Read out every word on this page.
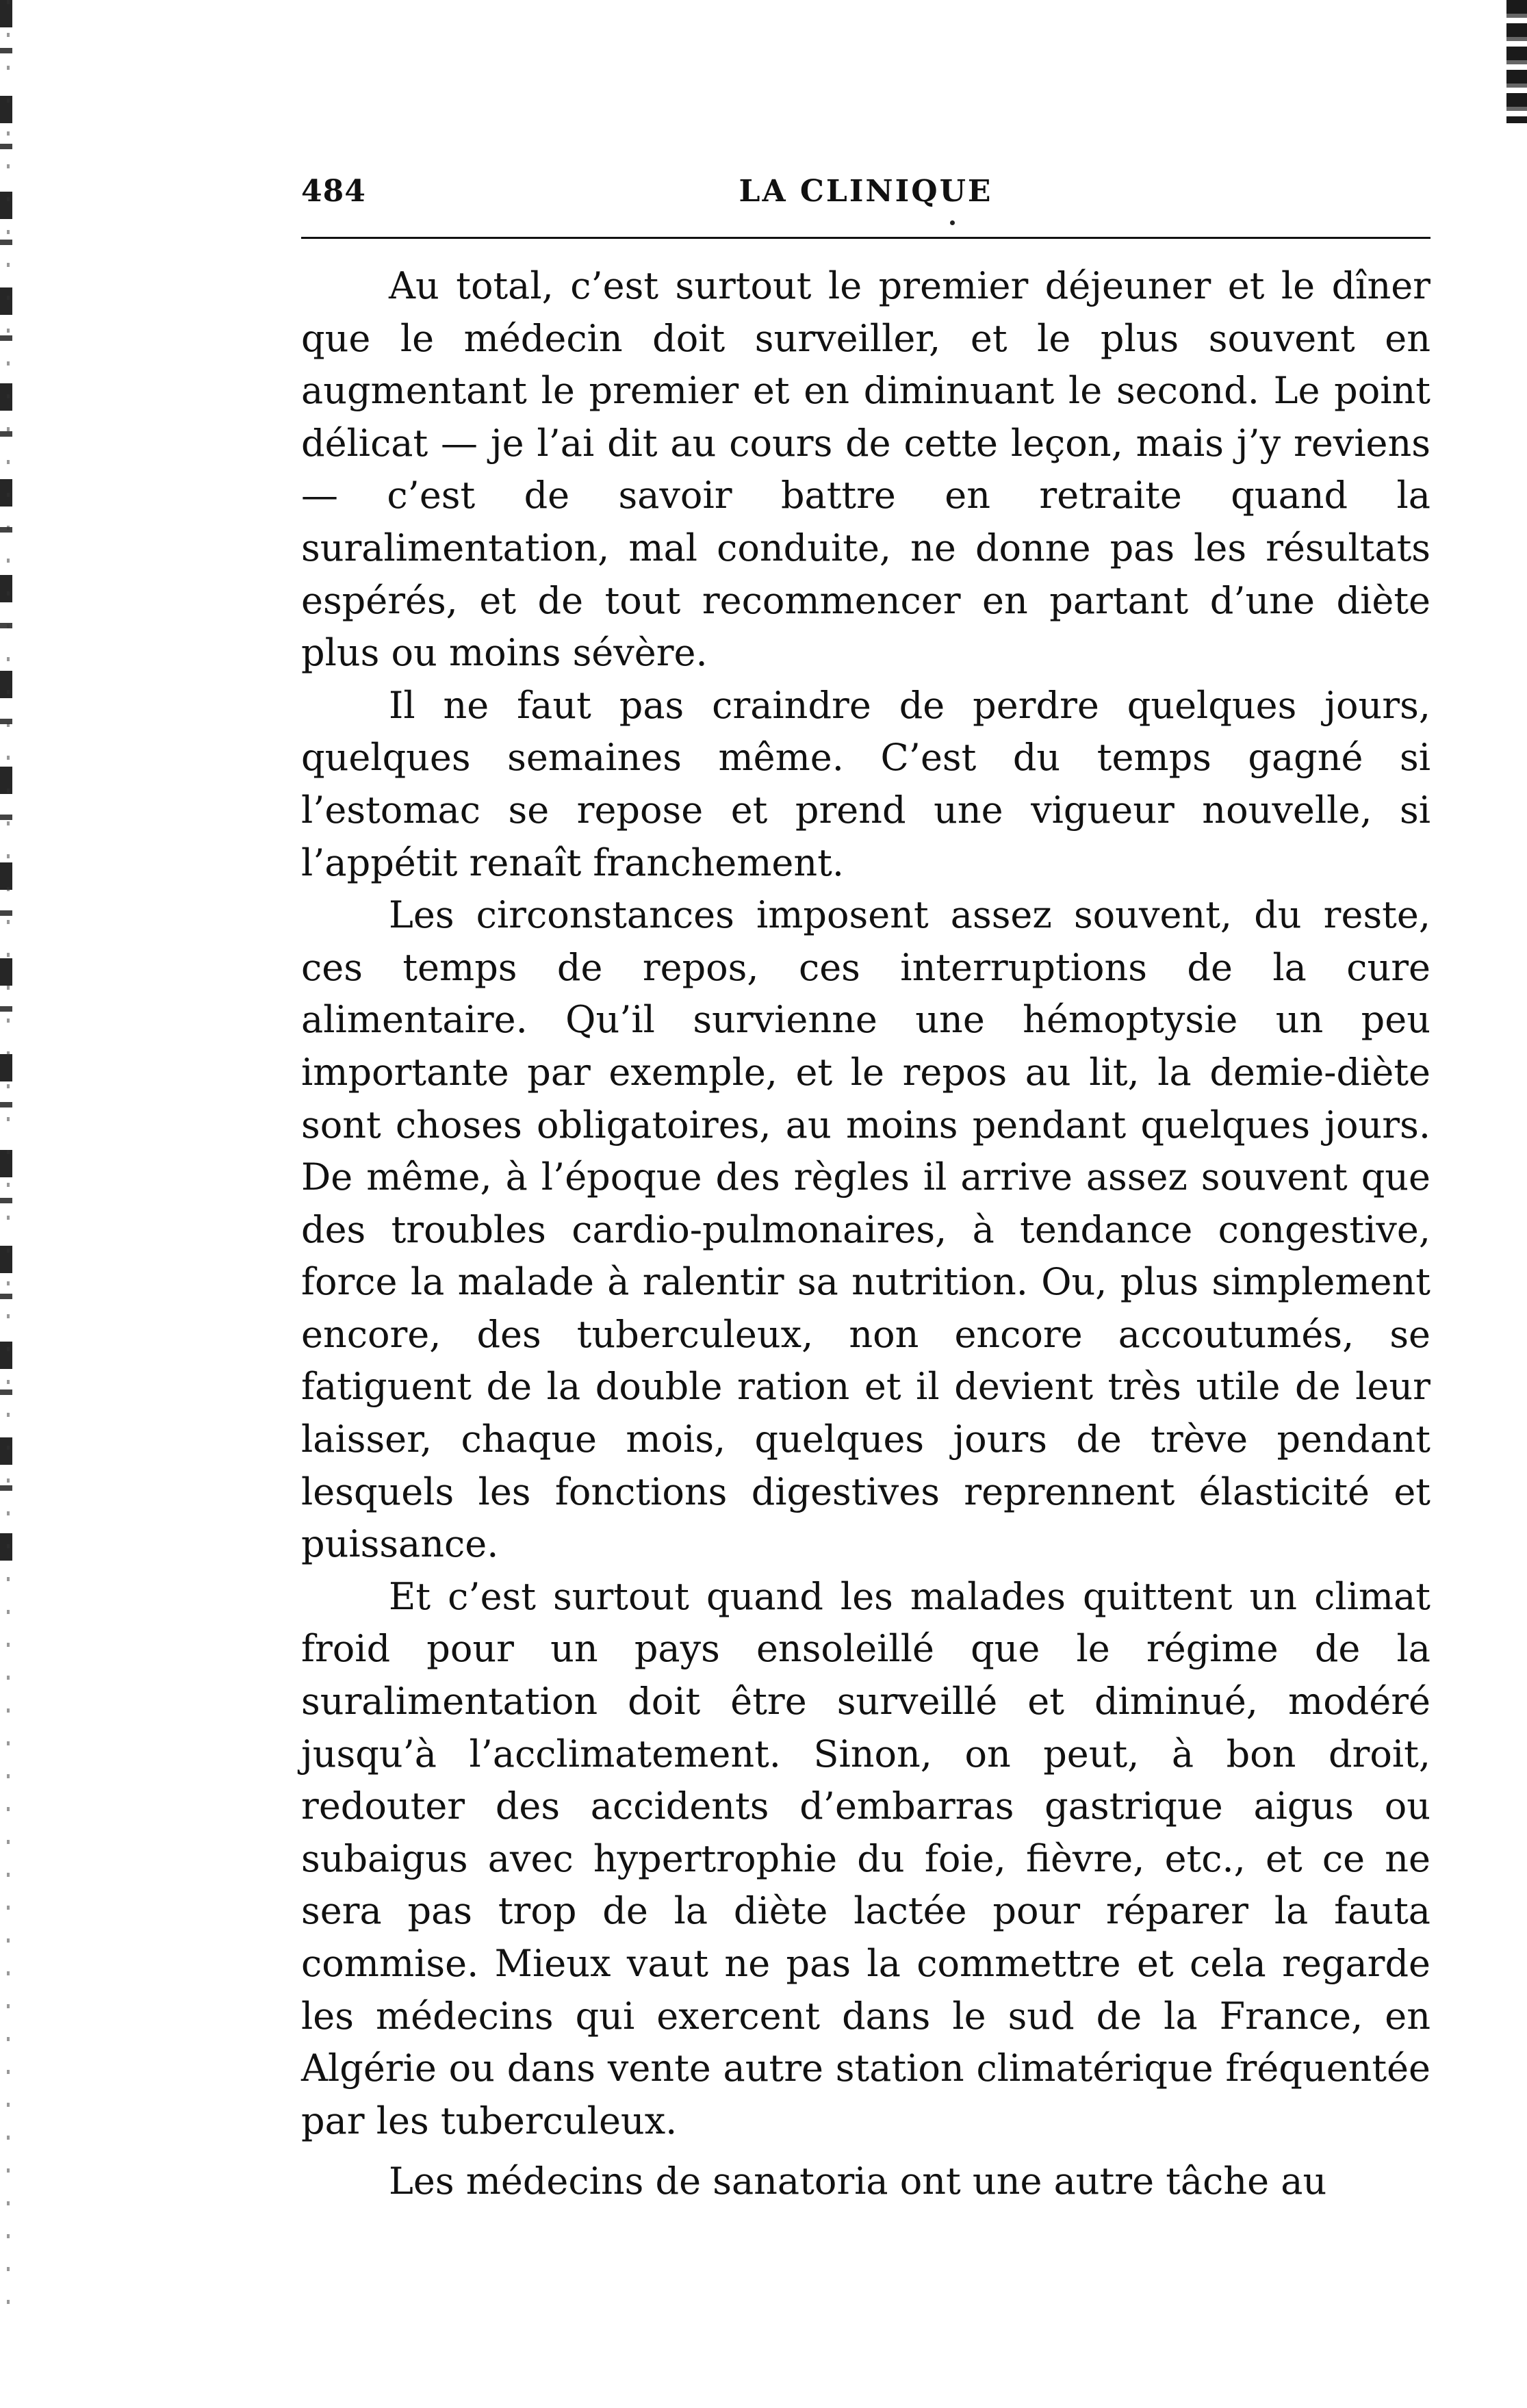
484	LA CLINIQUE

Au total, c’est surtout le premier déjeuner et le dîner que le médecin doit surveiller, et le plus souvent en augmentant le premier et en diminuant le second. Le point délicat — je l’ai dit au cours de cette leçon, mais j’y reviens — c’est de savoir battre en retraite quand la suralimentation, mal conduite, ne donne pas les résultats espérés, et de tout recommencer en partant d’une diète plus ou moins sévère.

Il ne faut pas craindre de perdre quelques jours, quelques semaines même. C’est du temps gagné si l’estomac se repose et prend une vigueur nouvelle, si l’appétit renaît franchement.

Les circonstances imposent assez souvent, du reste, ces temps de repos, ces interruptions de la cure alimentaire. Qu’il survienne une hémoptysie un peu importante par exemple, et le repos au lit, la demie-diète sont choses obligatoires, au moins pendant quelques jours. De même, à l’époque des règles il arrive assez souvent que des troubles cardio-pulmonaires, à tendance congestive, force la malade à ralentir sa nutrition. Ou, plus simplement encore, des tuberculeux, non encore accoutumés, se fatiguent de la double ration et il devient très utile de leur laisser, chaque mois, quelques jours de trève pendant lesquels les fonctions digestives reprennent élasticité et puissance.

Et c’est surtout quand les malades quittent un climat froid pour un pays ensoleillé que le régime de la suralimentation doit être surveillé et diminué, modéré jusqu’à l’acclimatement. Sinon, on peut, à bon droit, redouter des accidents d’embarras gastrique aigus ou subaigus avec hypertrophie du foie, fièvre, etc., et ce ne sera pas trop de la diète lactée pour réparer la fauta commise. Mieux vaut ne pas la commettre et cela regarde les médecins qui exercent dans le sud de la France, en Algérie ou dans vente autre station climatérique fréquentée par les tuberculeux.

Les médecins de sanatoria ont une autre tâche au
